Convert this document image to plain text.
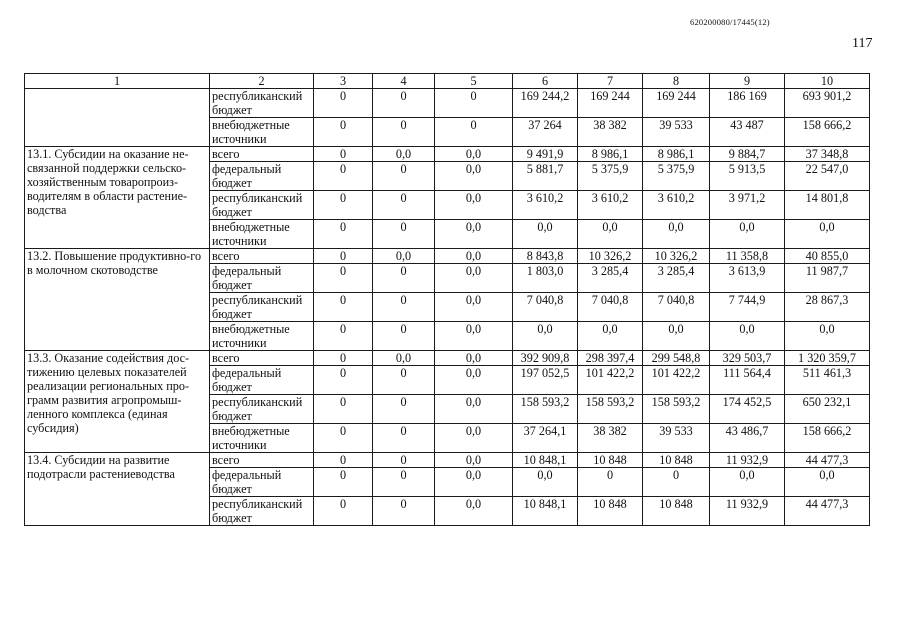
620200080/17445(12)
117
1	2	3	4	5	6	7	8	9	10
	республиканский бюджет	0	0	0	169 244,2	169 244	169 244	186 169	693 901,2
	внебюджетные источники	0	0	0	37 264	38 382	39 533	43 487	158 666,2
13.1. Субсидии на оказание не-связанной поддержки сельско-хозяйственным товаропроиз-водителям в области растение-водства	всего	0	0,0	0,0	9 491,9	8 986,1	8 986,1	9 884,7	37 348,8
	федеральный бюджет	0	0	0,0	5 881,7	5 375,9	5 375,9	5 913,5	22 547,0
	республиканский бюджет	0	0	0,0	3 610,2	3 610,2	3 610,2	3 971,2	14 801,8
	внебюджетные источники	0	0	0,0	0,0	0,0	0,0	0,0	0,0
13.2. Повышение продуктивно-го в молочном скотоводстве	всего	0	0,0	0,0	8 843,8	10 326,2	10 326,2	11 358,8	40 855,0
	федеральный бюджет	0	0	0,0	1 803,0	3 285,4	3 285,4	3 613,9	11 987,7
	республиканский бюджет	0	0	0,0	7 040,8	7 040,8	7 040,8	7 744,9	28 867,3
	внебюджетные источники	0	0	0,0	0,0	0,0	0,0	0,0	0,0
13.3. Оказание содействия дос-тижению целевых показателей реализации региональных про-грамм развития агропромыш-ленного комплекса (единая субсидия)	всего	0	0,0	0,0	392 909,8	298 397,4	299 548,8	329 503,7	1 320 359,7
	федеральный бюджет	0	0	0,0	197 052,5	101 422,2	101 422,2	111 564,4	511 461,3
	республиканский бюджет	0	0	0,0	158 593,2	158 593,2	158 593,2	174 452,5	650 232,1
	внебюджетные источники	0	0	0,0	37 264,1	38 382	39 533	43 486,7	158 666,2
13.4. Субсидии на развитие подотрасли растениеводства	всего	0	0	0,0	10 848,1	10 848	10 848	11 932,9	44 477,3
	федеральный бюджет	0	0	0,0	0,0	0	0	0,0	0,0
	республиканский бюджет	0	0	0,0	10 848,1	10 848	10 848	11 932,9	44 477,3
